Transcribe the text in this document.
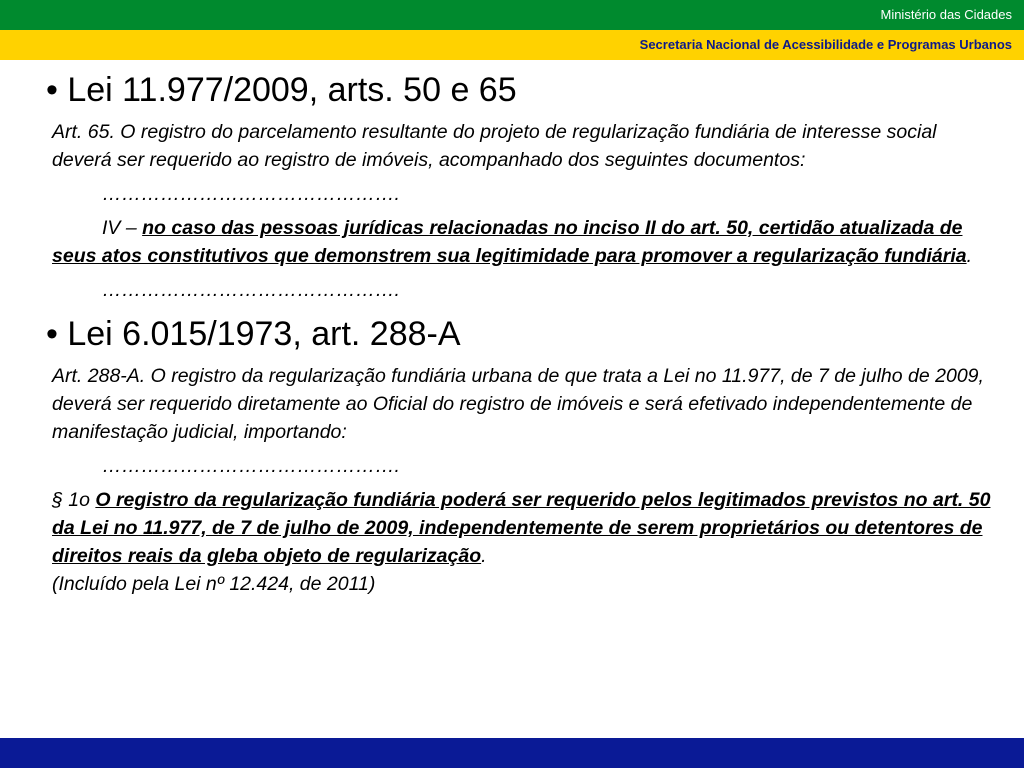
Ministério das Cidades
Secretaria Nacional de Acessibilidade e Programas Urbanos
• Lei 11.977/2009, arts. 50 e 65

Art. 65. O registro do parcelamento resultante do projeto de regularização fundiária de interesse social deverá ser requerido ao registro de imóveis, acompanhado dos seguintes documentos:

……………………………………….

IV – no caso das pessoas jurídicas relacionadas no inciso II do art. 50, certidão atualizada de seus atos constitutivos que demonstrem sua legitimidade para promover a regularização fundiária.

……………………………………….

• Lei 6.015/1973, art. 288-A

Art. 288-A. O registro da regularização fundiária urbana de que trata a Lei no 11.977, de 7 de julho de 2009, deverá ser requerido diretamente ao Oficial do registro de imóveis e será efetivado independentemente de manifestação judicial, importando:

……………………………………….

§ 1o O registro da regularização fundiária poderá ser requerido pelos legitimados previstos no art. 50 da Lei no 11.977, de 7 de julho de 2009, independentemente de serem proprietários ou detentores de direitos reais da gleba objeto de regularização.

(Incluído pela Lei nº 12.424, de 2011)
